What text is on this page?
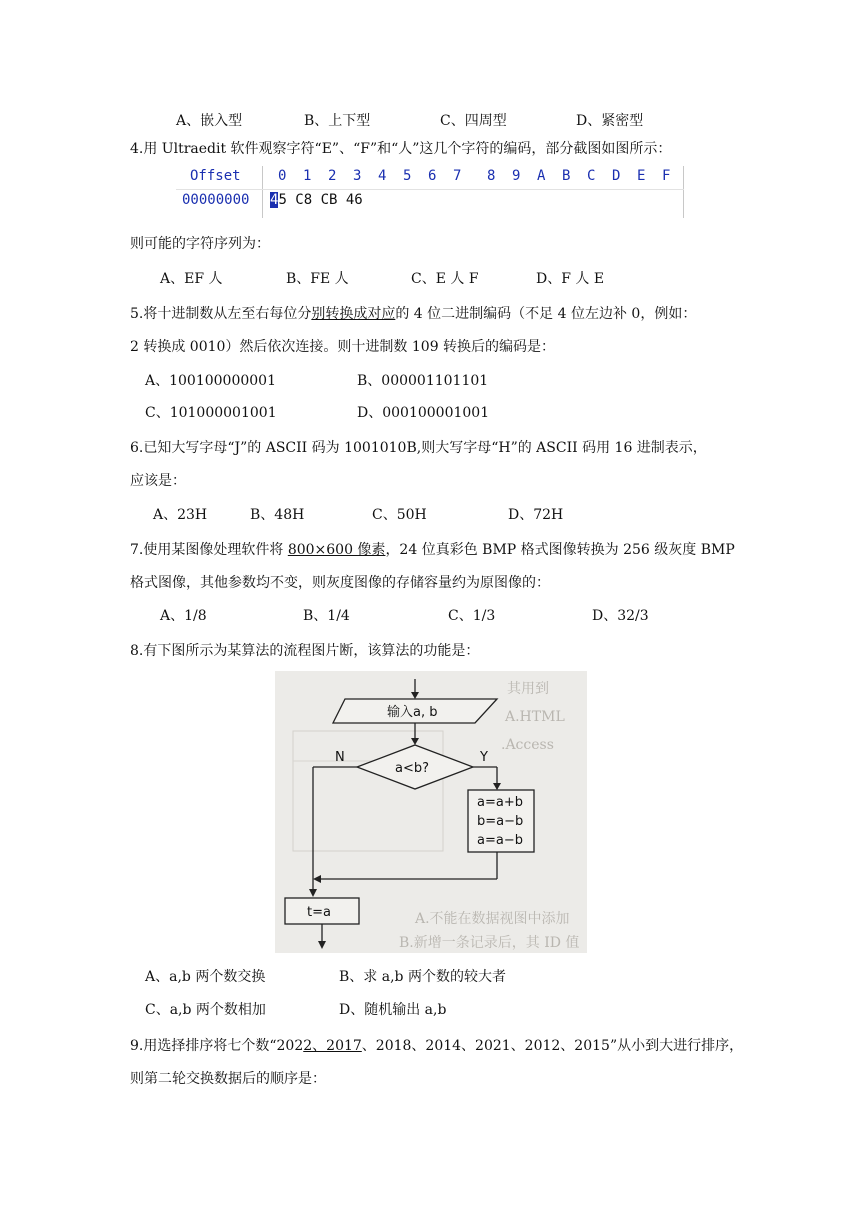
A、嵌入型	B、上下型	C、四周型	D、紧密型
4.用 Ultraedit 软件观察字符“E”、“F”和“人”这几个字符的编码，部分截图如图所示：
Offset	0 1 2 3 4 5 6 7 8 9 A B C D E F
00000000 45 C8 CB 46
则可能的字符序列为：
A、EF 人	B、FE 人	C、E 人 F	D、F 人 E
5.将十进制数从左至右每位分别转换成对应的 4 位二进制编码（不足 4 位左边补 0，例如：
2 转换成 0010）然后依次连接。则十进制数 109 转换后的编码是：
A、100100000001	B、000001101101
C、101000001001	D、000100001001
6.已知大写字母“J”的 ASCII 码为 1001010B,则大写字母“H”的 ASCII 码用 16 进制表示，
应该是：
A、23H	B、48H	C、50H	D、72H
7.使用某图像处理软件将 800×600 像素，24 位真彩色 BMP 格式图像转换为 256 级灰度 BMP
格式图像，其他参数均不变，则灰度图像的存储容量约为原图像的：
A、1/8	B、1/4	C、1/3	D、32/3
8.有下图所示为某算法的流程图片断，该算法的功能是：
其用到
A.HTML
.Access
A.不能在数据视图中添加
B.新增一条记录后，其 ID 值
输入a, b
a<b?
N	Y
a=a+b
b=a−b
a=a−b
t=a
A、a,b 两个数交换	B、求 a,b 两个数的较大者
C、a,b 两个数相加	D、随机输出 a,b
9.用选择排序将七个数“2022、2017、2018、2014、2021、2012、2015”从小到大进行排序，
则第二轮交换数据后的顺序是：
